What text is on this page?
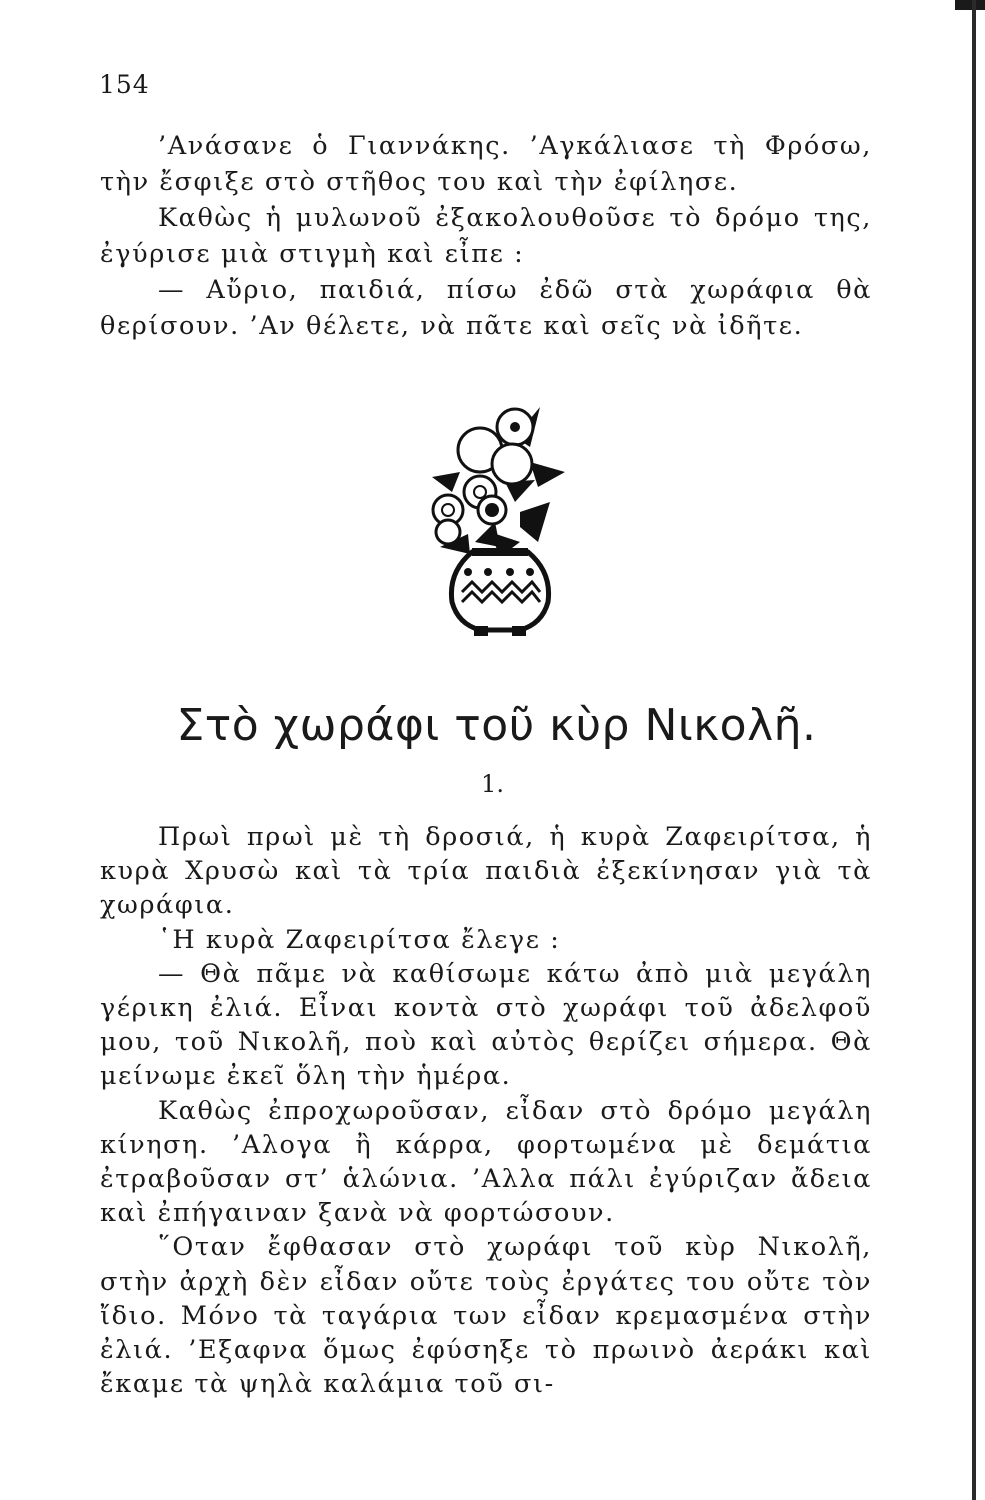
154

’Ανάσανε ὁ Γιαννάκης. ’Αγκάλιασε τὴ Φρόσω, τὴν ἔσφιξε στὸ στῆθος του καὶ τὴν ἐφίλησε.

Καθὼς ἡ μυλωνοῦ ἐξακολουθοῦσε τὸ δρόμο της, ἐγύρισε μιὰ στιγμὴ καὶ εἶπε :

— Αὔριο, παιδιά, πίσω ἐδῶ στὰ χωράφια θὰ θερίσουν. ’Αν θέλετε, νὰ πᾶτε καὶ σεῖς νὰ ἰδῆτε.

Στὸ χωράφι τοῦ κὺρ Νικολῆ.
1.

Πρωὶ πρωὶ μὲ τὴ δροσιά, ἡ κυρὰ Ζαφειρίτσα, ἡ κυρὰ Χρυσὼ καὶ τὰ τρία παιδιὰ ἐξεκίνησαν γιὰ τὰ χωράφια.

῾Η κυρὰ Ζαφειρίτσα ἔλεγε :

— Θὰ πᾶμε νὰ καθίσωμε κάτω ἀπὸ μιὰ μεγάλη γέρικη ἐλιά. Εἶναι κοντὰ στὸ χωράφι τοῦ ἀδελφοῦ μου, τοῦ Νικολῆ, ποὺ καὶ αὐτὸς θερίζει σήμερα. Θὰ μείνωμε ἐκεῖ ὅλη τὴν ἡμέρα.

Καθὼς ἐπροχωροῦσαν, εἶδαν στὸ δρόμο μεγάλη κίνηση. ’Αλογα ἢ κάρρα, φορτωμένα μὲ δεμάτια ἐτραβοῦσαν στ’ ἁλώνια. ’Αλλα πάλι ἐγύριζαν ἄδεια καὶ ἐπήγαιναν ξανὰ νὰ φορτώσουν.

῞Οταν ἔφθασαν στὸ χωράφι τοῦ κὺρ Νικολῆ, στὴν ἀρχὴ δὲν εἶδαν οὔτε τοὺς ἐργάτες του οὔτε τὸν ἴδιο. Μόνο τὰ ταγάρια των εἶδαν κρεμασμένα στὴν ἐλιά. ’Εξαφνα ὅμως ἐφύσηξε τὸ πρωινὸ ἀεράκι καὶ ἔκαμε τὰ ψηλὰ καλάμια τοῦ σι-
